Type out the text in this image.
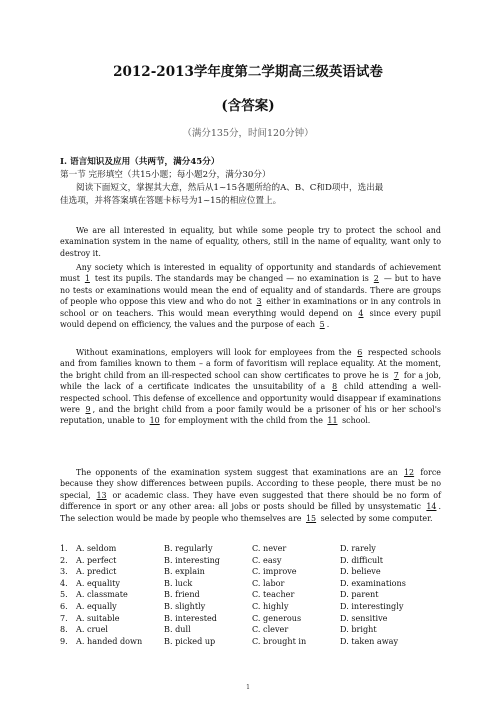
2012-2013学年度第二学期高三级英语试卷
(含答案)
（满分135分，时间120分钟）
I. 语言知识及应用（共两节，满分45分）
第一节 完形填空（共15小题；每小题2分，满分30分）
阅读下面短文，掌握其大意，然后从1~15各题所给的A、B、C和D项中，选出最
佳选项，并将答案填在答题卡标号为1~15的相应位置上。
We are all interested in equality, but while some people try to protect the school and examination system in the name of equality, others, still in the name of equality, want only to destroy it.
Any society which is interested in equality of opportunity and standards of achievement must 1 test its pupils. The standards may be changed — no examination is 2 — but to have no tests or examinations would mean the end of equality and of standards. There are groups of people who oppose this view and who do not 3 either in examinations or in any controls in school or on teachers. This would mean everything would depend on 4 since every pupil would depend on efficiency, the values and the purpose of each 5 .
Without examinations, employers will look for employees from the 6 respected schools and from families known to them – a form of favoritism will replace equality. At the moment, the bright child from an ill-respected school can show certificates to prove he is 7 for a job, while the lack of a certificate indicates the unsuitability of a 8 child attending a well-respected school. This defense of excellence and opportunity would disappear if examinations were 9 , and the bright child from a poor family would be a prisoner of his or her school's reputation, unable to 10 for employment with the child from the 11 school.
The opponents of the examination system suggest that examinations are an 12 force because they show differences between pupils. According to these people, there must be no special, 13 or academic class. They have even suggested that there should be no form of difference in sport or any other area: all jobs or posts should be filled by unsystematic 14 . The selection would be made by people who themselves are 15 selected by some computer.
1.	A. seldom	B. regularly	C. never	D. rarely
2.	A. perfect	B. interesting	C. easy	D. difficult
3.	A. predict	B. explain	C. improve	D. believe
4.	A. equality	B. luck	C. labor	D. examinations
5.	A. classmate	B. friend	C. teacher	D. parent
6.	A. equally	B. slightly	C. highly	D. interestingly
7.	A. suitable	B. interested	C. generous	D. sensitive
8.	A. cruel	B. dull	C. clever	D. bright
9.	A. handed down	B. picked up	C. brought in	D. taken away
1
